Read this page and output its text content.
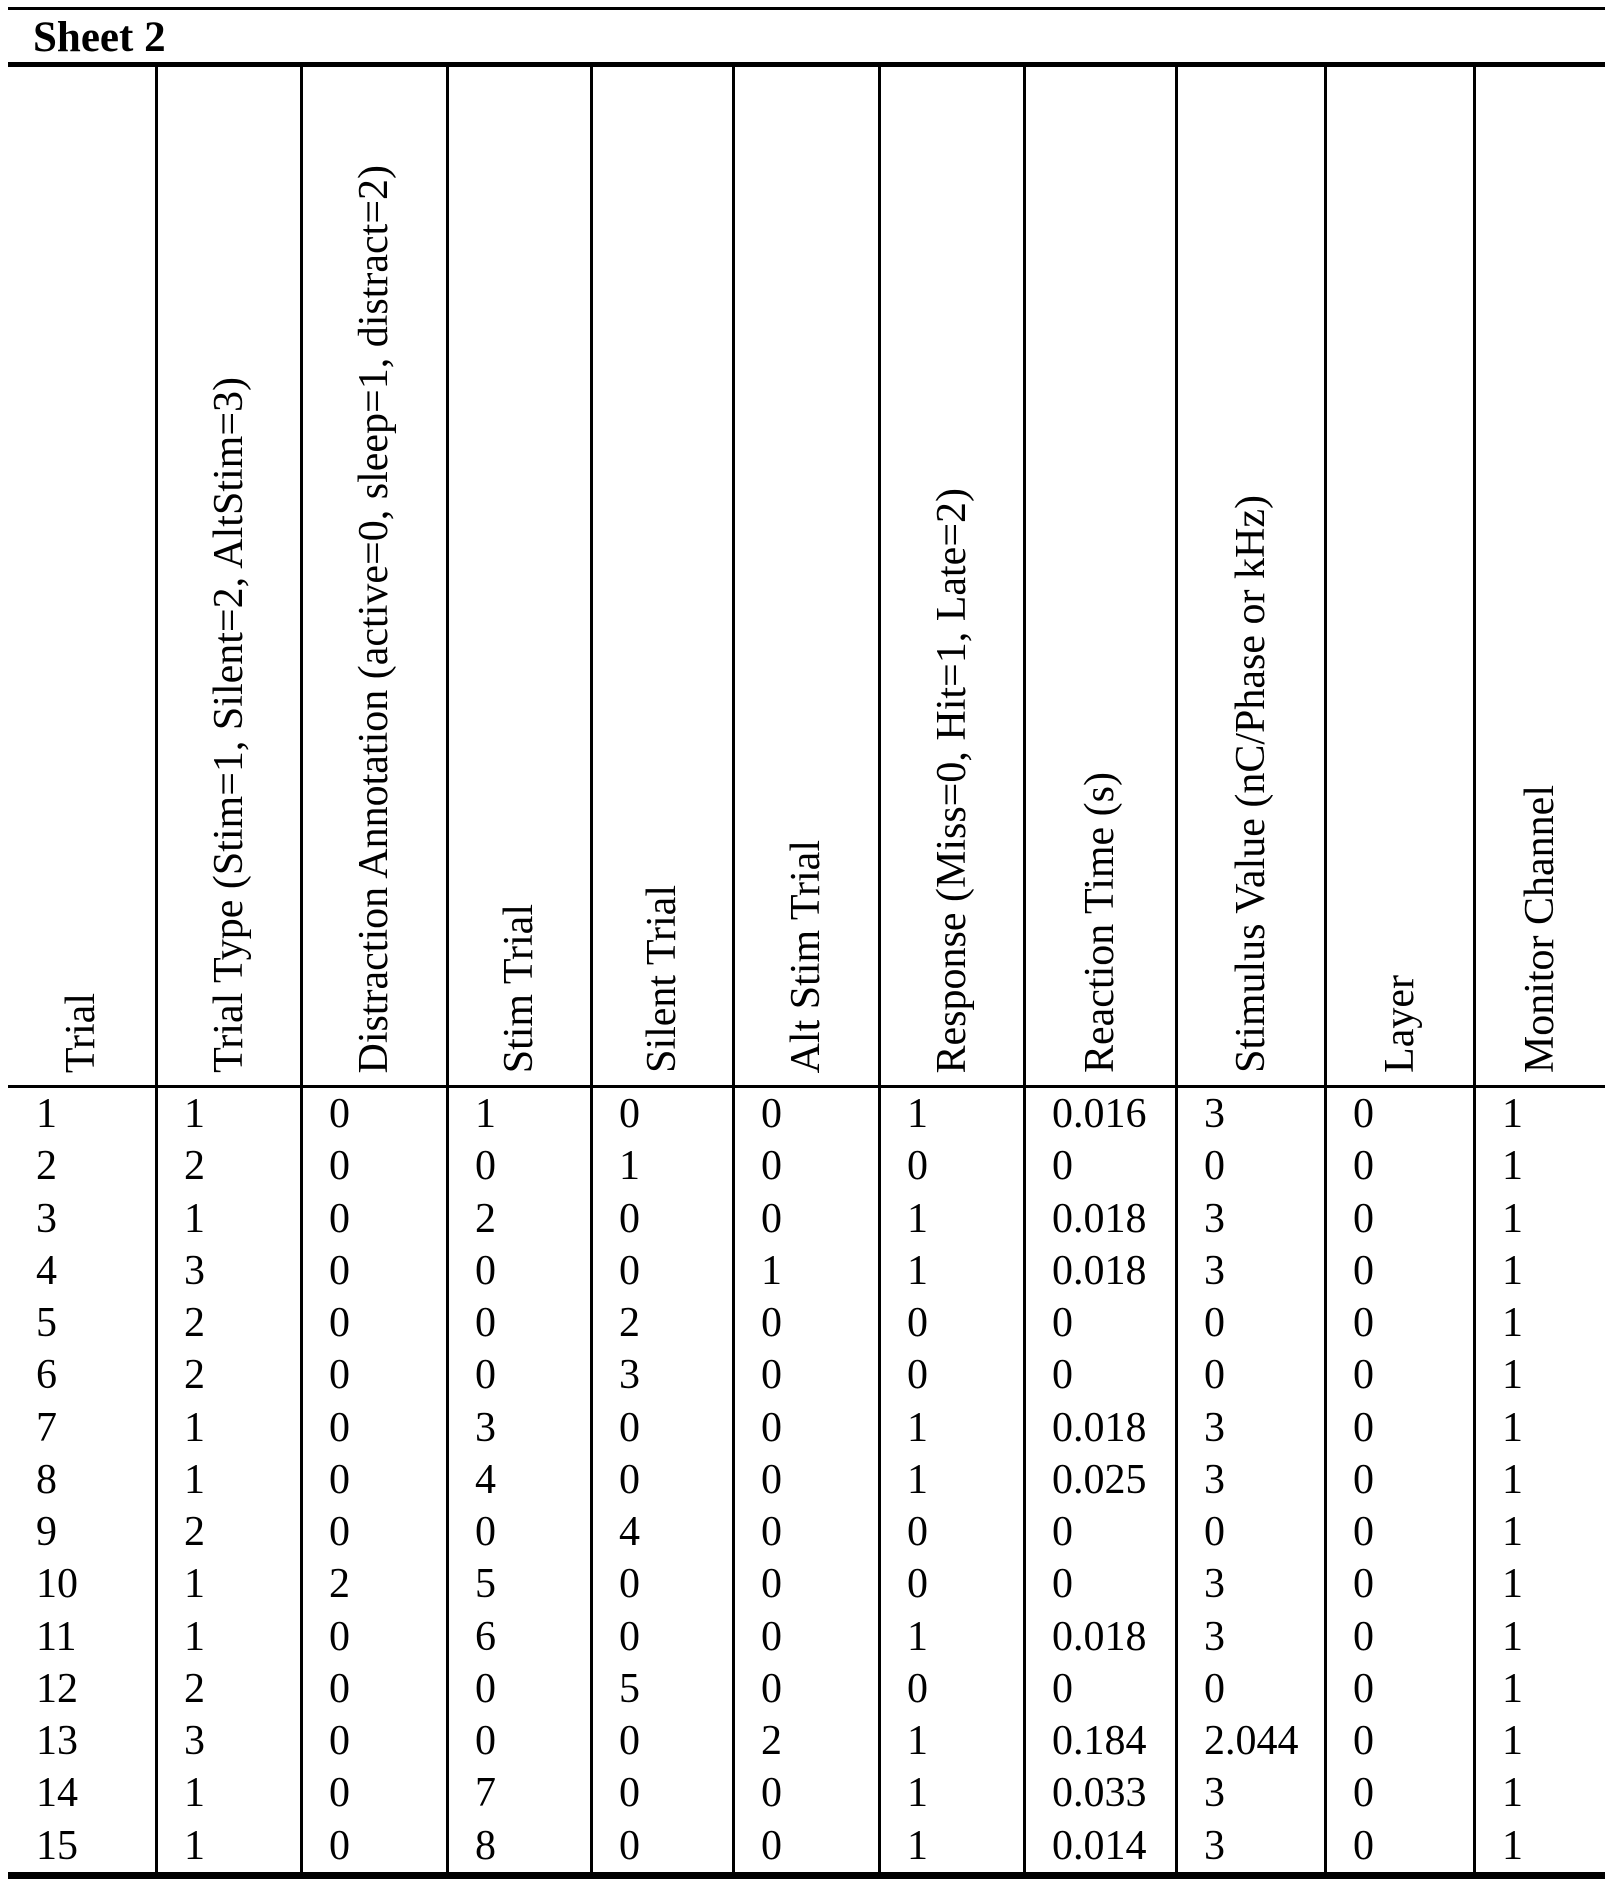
Sheet 2
Trial
1
2
3
4
5
6
7
8
9
10
11
12
13
14
15
Trial Type (Stim=1, Silent=2, AltStim=3)
1
2
1
3
2
2
1
1
2
1
1
2
3
1
1
Distraction Annotation (active=0, sleep=1, distract=2)
0
0
0
0
0
0
0
0
0
2
0
0
0
0
0
Stim Trial
1
0
2
0
0
0
3
4
0
5
6
0
0
7
8
Silent Trial
0
1
0
0
2
3
0
0
4
0
0
5
0
0
0
Alt Stim Trial
0
0
0
1
0
0
0
0
0
0
0
0
2
0
0
Response (Miss=0, Hit=1, Late=2)
1
0
1
1
0
0
1
1
0
0
1
0
1
1
1
Reaction Time (s)
0.016
0
0.018
0.018
0
0
0.018
0.025
0
0
0.018
0
0.184
0.033
0.014
Stimulus Value (nC/Phase or kHz)
3
0
3
3
0
0
3
3
0
3
3
0
2.044
3
3
Layer
0
0
0
0
0
0
0
0
0
0
0
0
0
0
0
Monitor Channel
1
1
1
1
1
1
1
1
1
1
1
1
1
1
1
